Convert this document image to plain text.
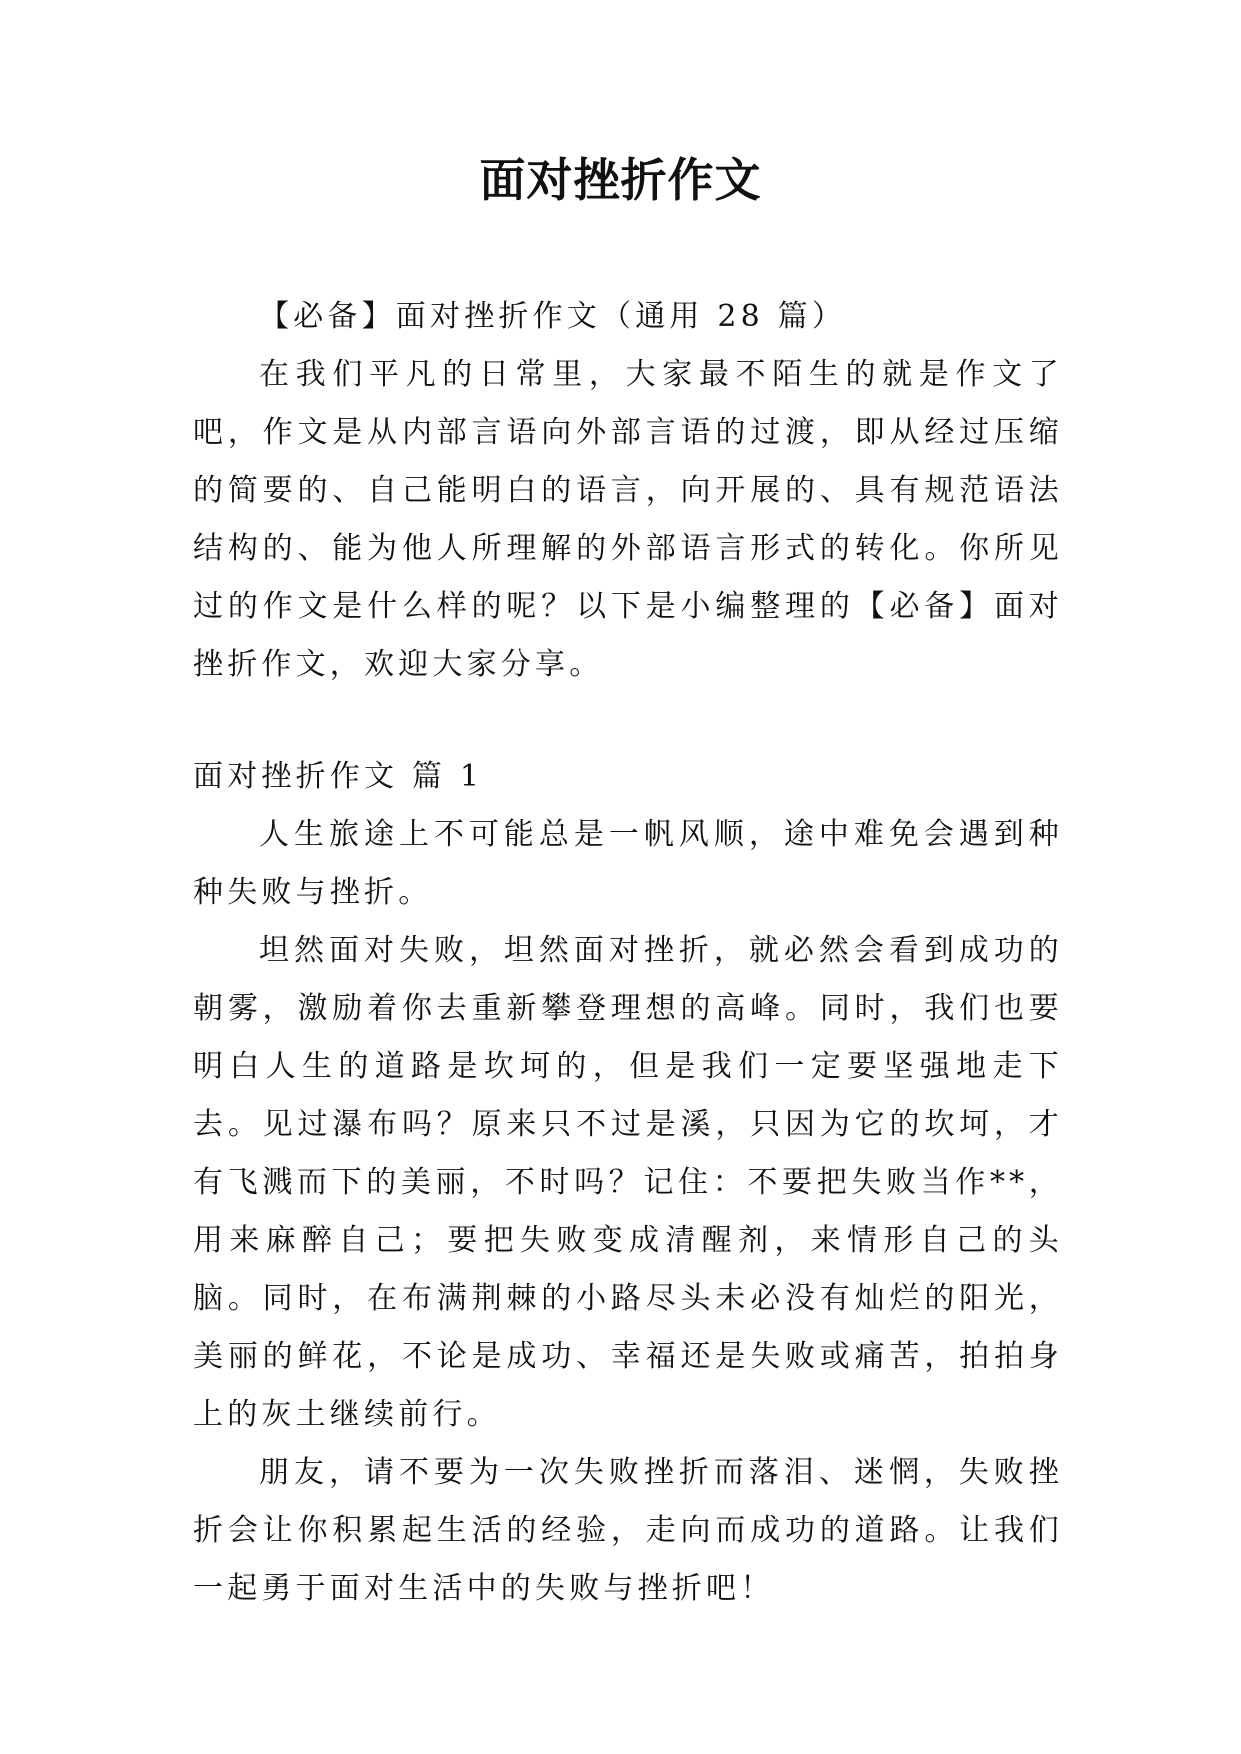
面对挫折作文

【必备】面对挫折作文（通用 28 篇）

在我们平凡的日常里，大家最不陌生的就是作文了吧，作文是从内部言语向外部言语的过渡，即从经过压缩的简要的、自己能明白的语言，向开展的、具有规范语法结构的、能为他人所理解的外部语言形式的转化。你所见过的作文是什么样的呢？以下是小编整理的【必备】面对挫折作文，欢迎大家分享。

面对挫折作文 篇 1

人生旅途上不可能总是一帆风顺，途中难免会遇到种种失败与挫折。

坦然面对失败，坦然面对挫折，就必然会看到成功的朝雾，激励着你去重新攀登理想的高峰。同时，我们也要明白人生的道路是坎坷的，但是我们一定要坚强地走下去。见过瀑布吗？原来只不过是溪，只因为它的坎坷，才有飞溅而下的美丽，不时吗？记住：不要把失败当作**，用来麻醉自己；要把失败变成清醒剂，来情形自己的头脑。同时，在布满荆棘的小路尽头未必没有灿烂的阳光，美丽的鲜花，不论是成功、幸福还是失败或痛苦，拍拍身上的灰土继续前行。

朋友，请不要为一次失败挫折而落泪、迷惘，失败挫折会让你积累起生活的经验，走向而成功的道路。让我们一起勇于面对生活中的失败与挫折吧！
